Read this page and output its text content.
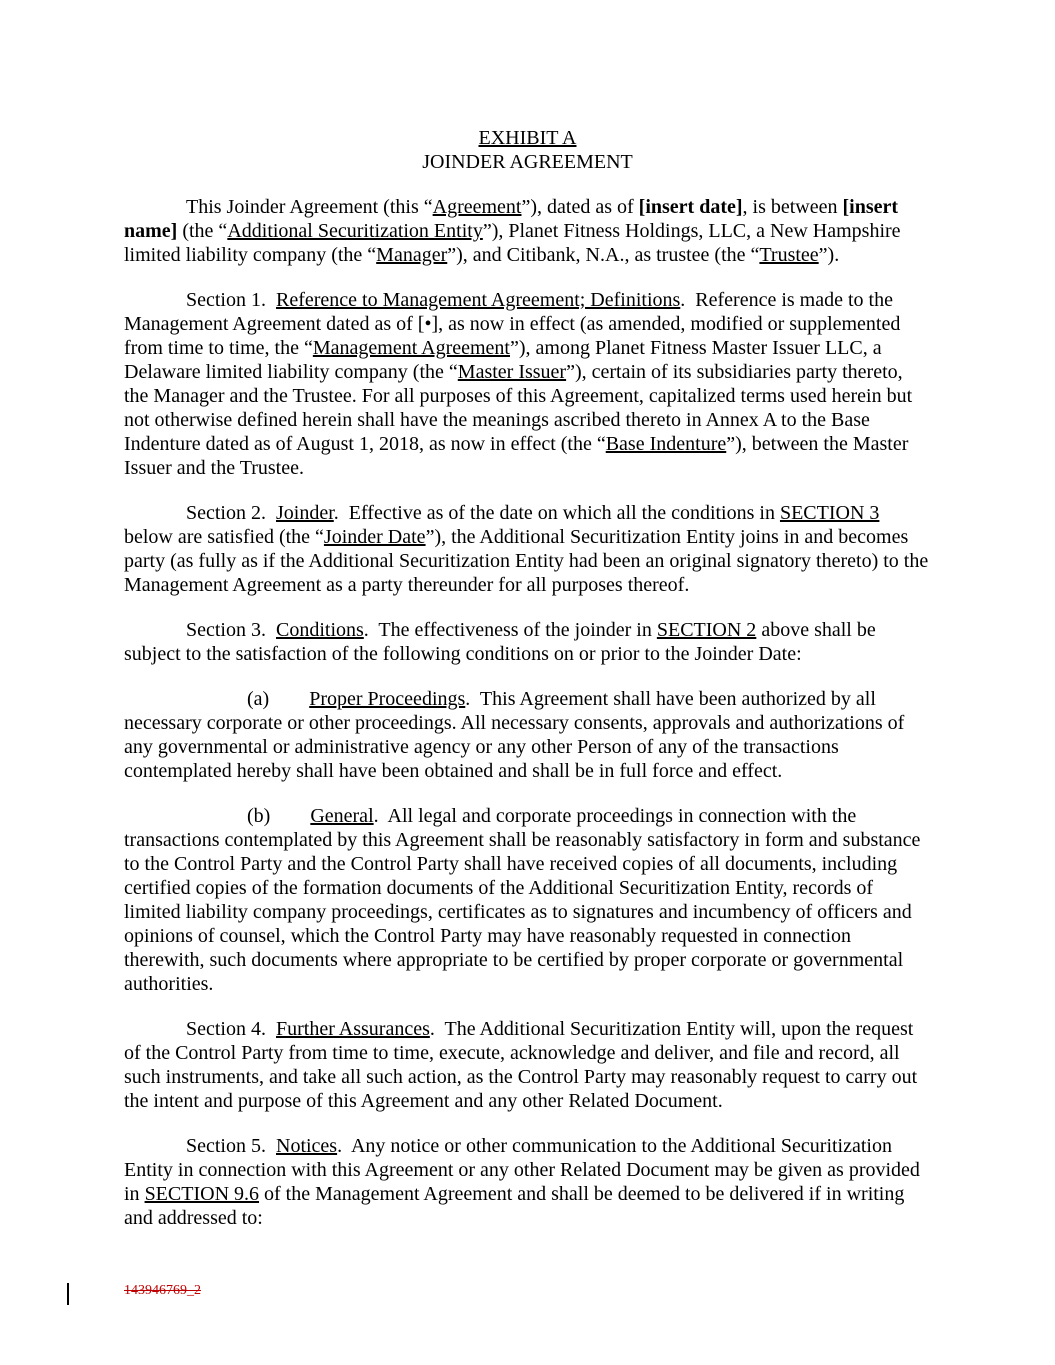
EXHIBIT A
JOINDER AGREEMENT

This Joinder Agreement (this “Agreement”), dated as of [insert date], is between [insert name] (the “Additional Securitization Entity”), Planet Fitness Holdings, LLC, a New Hampshire limited liability company (the “Manager”), and Citibank, N.A., as trustee (the “Trustee”).

Section 1.  Reference to Management Agreement; Definitions.  Reference is made to the Management Agreement dated as of [•], as now in effect (as amended, modified or supplemented from time to time, the “Management Agreement”), among Planet Fitness Master Issuer LLC, a Delaware limited liability company (the “Master Issuer”), certain of its subsidiaries party thereto, the Manager and the Trustee. For all purposes of this Agreement, capitalized terms used herein but not otherwise defined herein shall have the meanings ascribed thereto in Annex A to the Base Indenture dated as of August 1, 2018, as now in effect (the “Base Indenture”), between the Master Issuer and the Trustee.

Section 2.  Joinder.  Effective as of the date on which all the conditions in SECTION 3 below are satisfied (the “Joinder Date”), the Additional Securitization Entity joins in and becomes party (as fully as if the Additional Securitization Entity had been an original signatory thereto) to the Management Agreement as a party thereunder for all purposes thereof.

Section 3.  Conditions.  The effectiveness of the joinder in SECTION 2 above shall be subject to the satisfaction of the following conditions on or prior to the Joinder Date:

(a) Proper Proceedings.  This Agreement shall have been authorized by all necessary corporate or other proceedings. All necessary consents, approvals and authorizations of any governmental or administrative agency or any other Person of any of the transactions contemplated hereby shall have been obtained and shall be in full force and effect.

(b) General.  All legal and corporate proceedings in connection with the transactions contemplated by this Agreement shall be reasonably satisfactory in form and substance to the Control Party and the Control Party shall have received copies of all documents, including certified copies of the formation documents of the Additional Securitization Entity, records of limited liability company proceedings, certificates as to signatures and incumbency of officers and opinions of counsel, which the Control Party may have reasonably requested in connection therewith, such documents where appropriate to be certified by proper corporate or governmental authorities.

Section 4.  Further Assurances.  The Additional Securitization Entity will, upon the request of the Control Party from time to time, execute, acknowledge and deliver, and file and record, all such instruments, and take all such action, as the Control Party may reasonably request to carry out the intent and purpose of this Agreement and any other Related Document.

Section 5.  Notices.  Any notice or other communication to the Additional Securitization Entity in connection with this Agreement or any other Related Document may be given as provided in SECTION 9.6 of the Management Agreement and shall be deemed to be delivered if in writing and addressed to:

143946769_2
